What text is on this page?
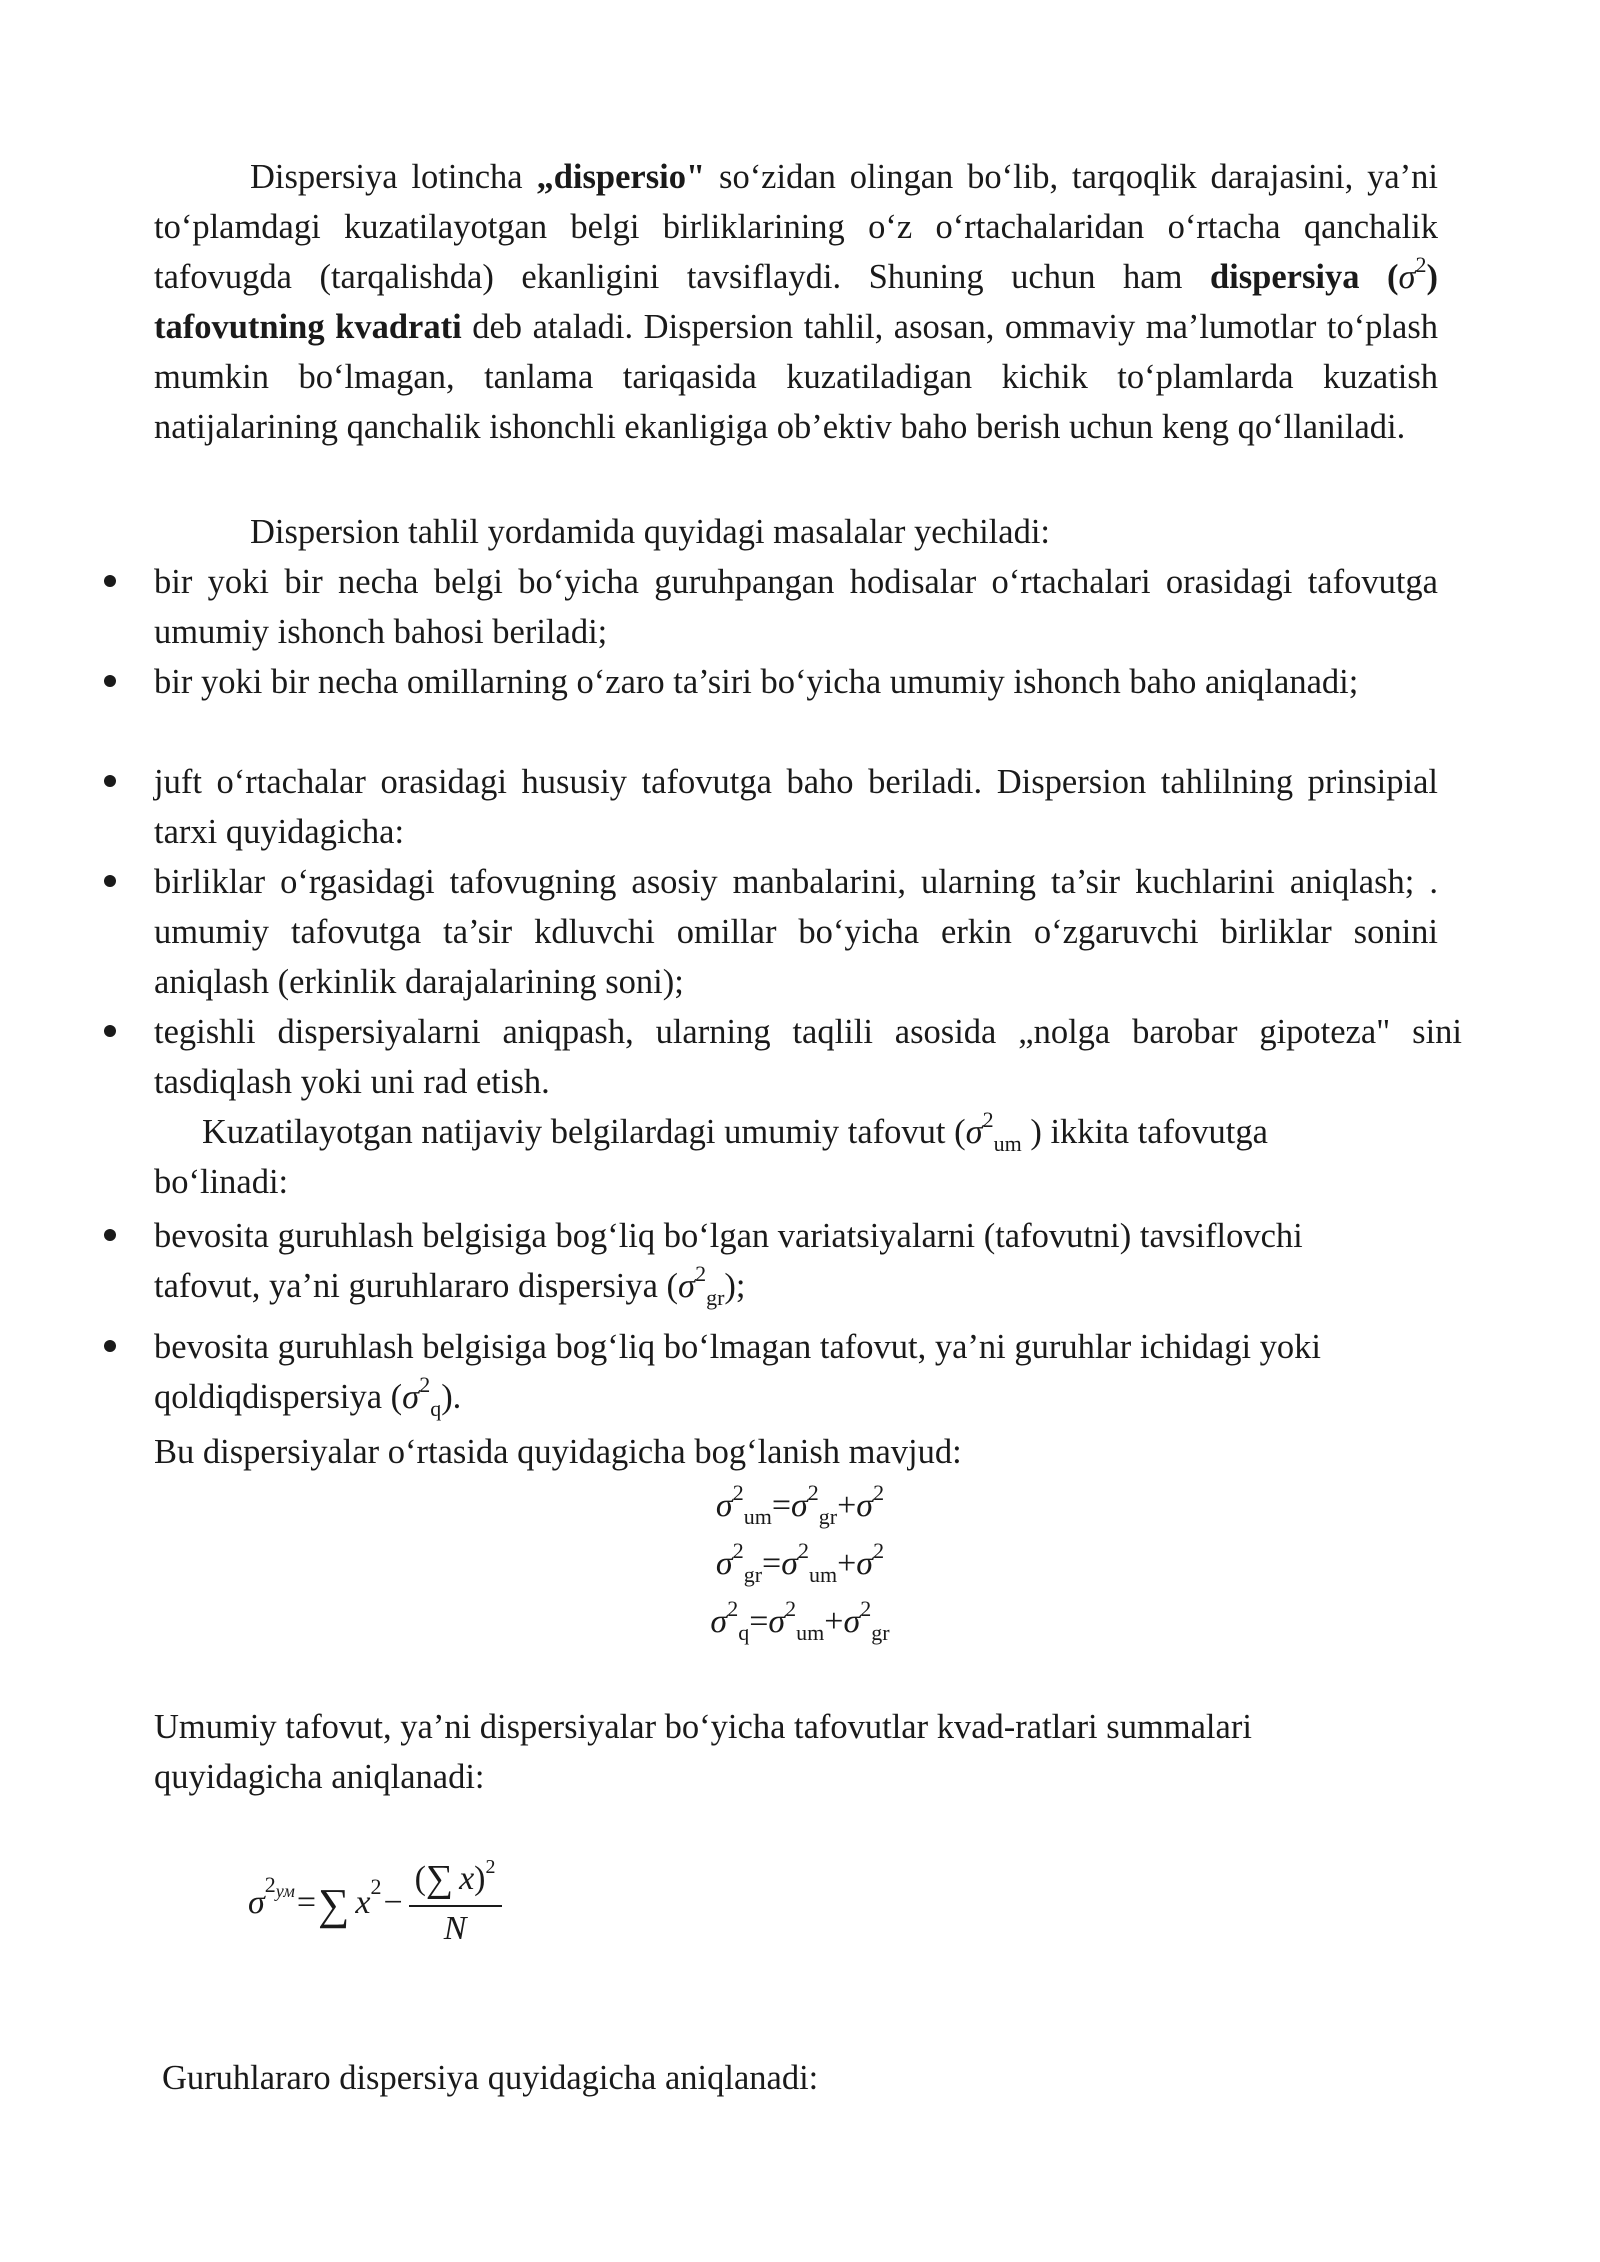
Dispersiya lotincha „dispersio" so‘zidan olingan bo‘lib, tarqoqlik darajasini, ya’ni to‘plamdagi kuzatilayotgan belgi birliklarining o‘z o‘rtachalaridan o‘rtacha qanchalik tafovugda (tarqalishda) ekanligini tavsiflaydi. Shuning uchun ham dispersiya $(\sigma^2)$ tafovutning kvadrati deb ataladi. Dispersion tahlil, asosan, ommaviy ma’lumotlar to‘plash mumkin bo‘lmagan, tanlama tariqasida kuzatiladigan kichik to‘plamlarda kuzatish natijalarining qanchalik ishonchli ekanligiga ob’ektiv baho berish uchun keng qo‘llaniladi.

Dispersion tahlil yordamida quyidagi masalalar yechiladi:

bir yoki bir necha belgi bo‘yicha guruhpangan hodisalar o‘rtachalari orasidagi tafovutga umumiy ishonch bahosi beriladi;

bir yoki bir necha omillarning o‘zaro ta’siri bo‘yicha umumiy ishonch baho aniqlanadi;

juft o‘rtachalar orasidagi hususiy tafovutga baho beriladi. Dispersion tahlilning prinsipial tarxi quyidagicha:

birliklar o‘rgasidagi tafovugning asosiy manbalarini, ularning ta’sir kuchlarini aniqlash; . umumiy tafovutga ta’sir kdluvchi omillar bo‘yicha erkin o‘zgaruvchi birliklar sonini aniqlash (erkinlik darajalarining soni);

tegishli dispersiyalarni aniqpash, ularning taqlili asosida „nolga barobar gipoteza" sini tasdiqlash yoki uni rad etish.

Kuzatilayotgan natijaviy belgilardagi umumiy tafovut ($\sigma^2_{um}$ ) ikkita tafovutga bo‘linadi:

bevosita guruhlash belgisiga bog‘liq bo‘lgan variatsiyalarni (tafovutni) tavsiflovchi tafovut, ya’ni guruhlararo dispersiya $(\sigma^2_{gr})$;

bevosita guruhlash belgisiga bog‘liq bo‘lmagan tafovut, ya’ni guruhlar ichidagi yoki qoldiqdispersiya $(\sigma^2_q)$.

Bu dispersiyalar o‘rtasida quyidagicha bog‘lanish mavjud:

$\sigma^2_{um}=\sigma^2_{gr}+\sigma^2$
$\sigma^2_{gr}=\sigma^2_{um}+\sigma^2$
$\sigma^2_q=\sigma^2_{um}+\sigma^2_{gr}$

Umumiy tafovut, ya’ni dispersiyalar bo‘yicha tafovutlar kvad-ratlari summalari quyidagicha aniqlanadi:

$\sigma^{2ум}$ = ∑ $x^2 - \frac{(\sum x)^2}{N}$

Guruhlararo dispersiya quyidagicha aniqlanadi:
